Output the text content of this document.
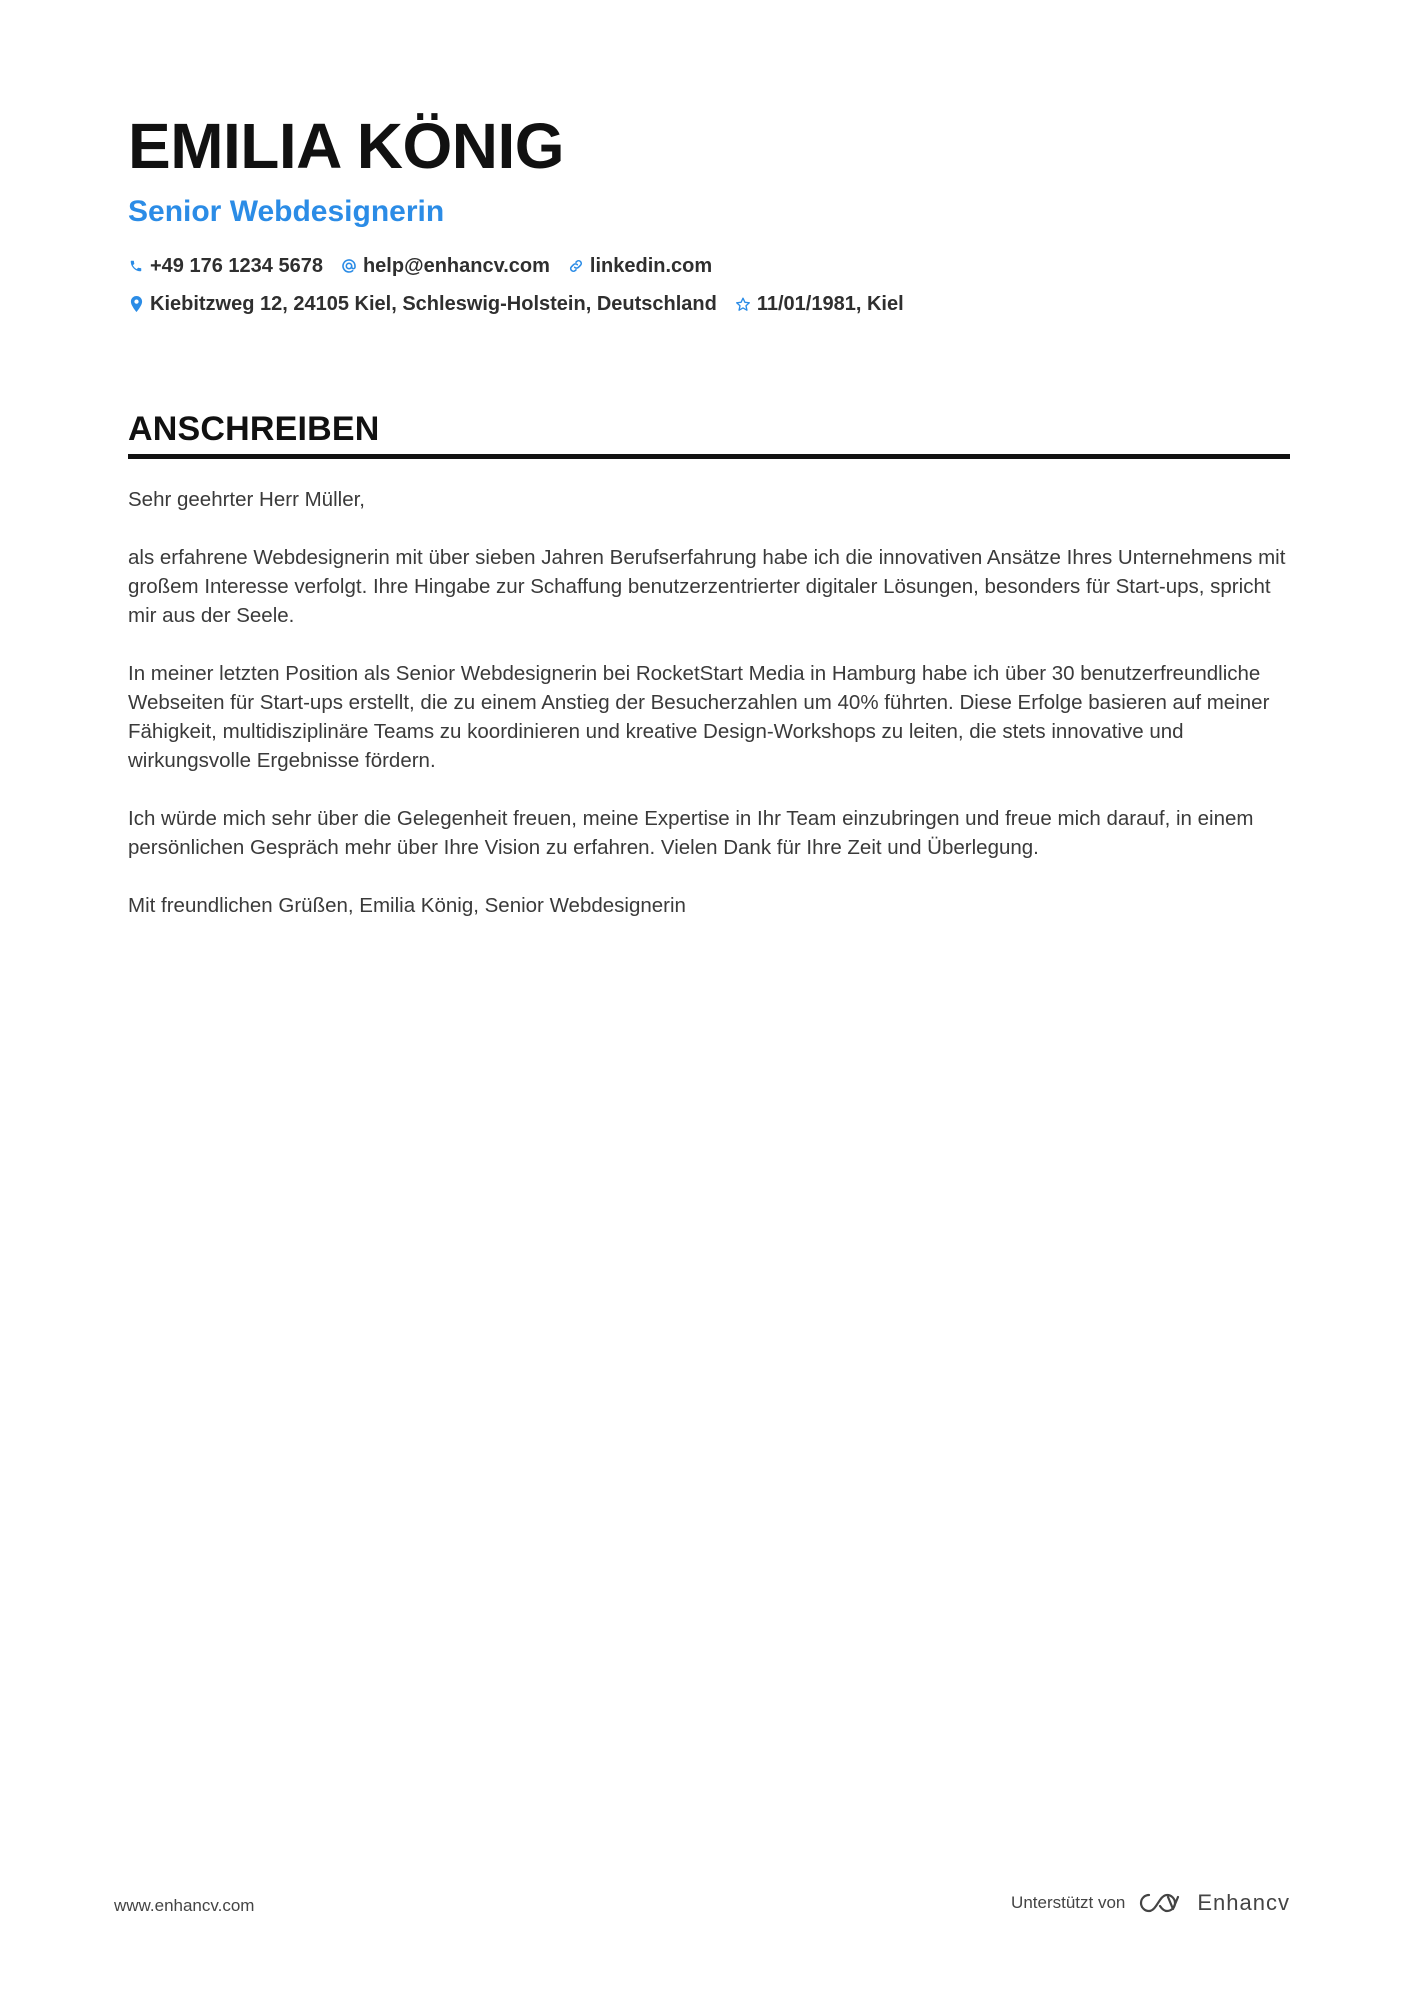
EMILIA KÖNIG
Senior Webdesignerin
+49 176 1234 5678 help@enhancv.com linkedin.com
Kiebitzweg 12, 24105 Kiel, Schleswig-Holstein, Deutschland 11/01/1981, Kiel
ANSCHREIBEN

Sehr geehrter Herr Müller,

als erfahrene Webdesignerin mit über sieben Jahren Berufserfahrung habe ich die innovativen Ansätze Ihres Unternehmens mit großem Interesse verfolgt. Ihre Hingabe zur Schaffung benutzerzentrierter digitaler Lösungen, besonders für Start-ups, spricht mir aus der Seele.

In meiner letzten Position als Senior Webdesignerin bei RocketStart Media in Hamburg habe ich über 30 benutzerfreundliche Webseiten für Start-ups erstellt, die zu einem Anstieg der Besucherzahlen um 40% führten. Diese Erfolge basieren auf meiner Fähigkeit, multidisziplinäre Teams zu koordinieren und kreative Design-Workshops zu leiten, die stets innovative und wirkungsvolle Ergebnisse fördern.

Ich würde mich sehr über die Gelegenheit freuen, meine Expertise in Ihr Team einzubringen und freue mich darauf, in einem persönlichen Gespräch mehr über Ihre Vision zu erfahren. Vielen Dank für Ihre Zeit und Überlegung.

Mit freundlichen Grüßen, Emilia König, Senior Webdesignerin

www.enhancv.com	Unterstützt von	Enhancv
